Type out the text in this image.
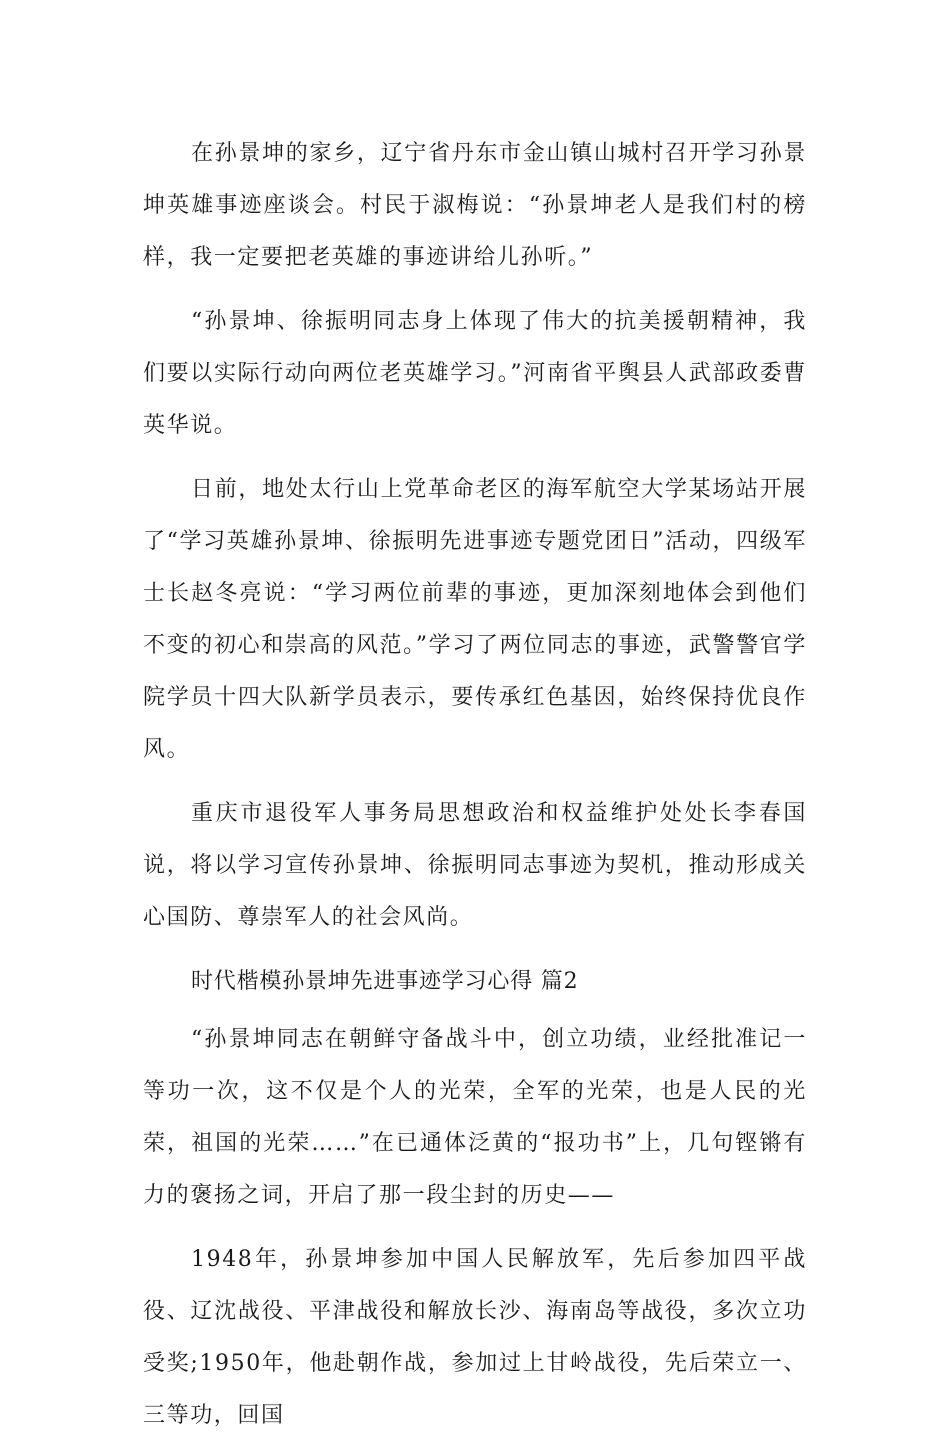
在孙景坤的家乡，辽宁省丹东市金山镇山城村召开学习孙景坤英雄事迹座谈会。村民于淑梅说：“孙景坤老人是我们村的榜样，我一定要把老英雄的事迹讲给儿孙听。”

“孙景坤、徐振明同志身上体现了伟大的抗美援朝精神，我们要以实际行动向两位老英雄学习。”河南省平舆县人武部政委曹英华说。

日前，地处太行山上党革命老区的海军航空大学某场站开展了“学习英雄孙景坤、徐振明先进事迹专题党团日”活动，四级军士长赵冬亮说：“学习两位前辈的事迹，更加深刻地体会到他们不变的初心和崇高的风范。”学习了两位同志的事迹，武警警官学院学员十四大队新学员表示，要传承红色基因，始终保持优良作风。

重庆市退役军人事务局思想政治和权益维护处处长李春国说，将以学习宣传孙景坤、徐振明同志事迹为契机，推动形成关心国防、尊崇军人的社会风尚。

时代楷模孙景坤先进事迹学习心得 篇2

“孙景坤同志在朝鲜守备战斗中，创立功绩，业经批准记一等功一次，这不仅是个人的光荣，全军的光荣，也是人民的光荣，祖国的光荣……”在已通体泛黄的“报功书”上，几句铿锵有力的褒扬之词，开启了那一段尘封的历史——

1948年，孙景坤参加中国人民解放军，先后参加四平战役、辽沈战役、平津战役和解放长沙、海南岛等战役，多次立功受奖;1950年，他赴朝作战，参加过上甘岭战役，先后荣立一、三等功，回国
